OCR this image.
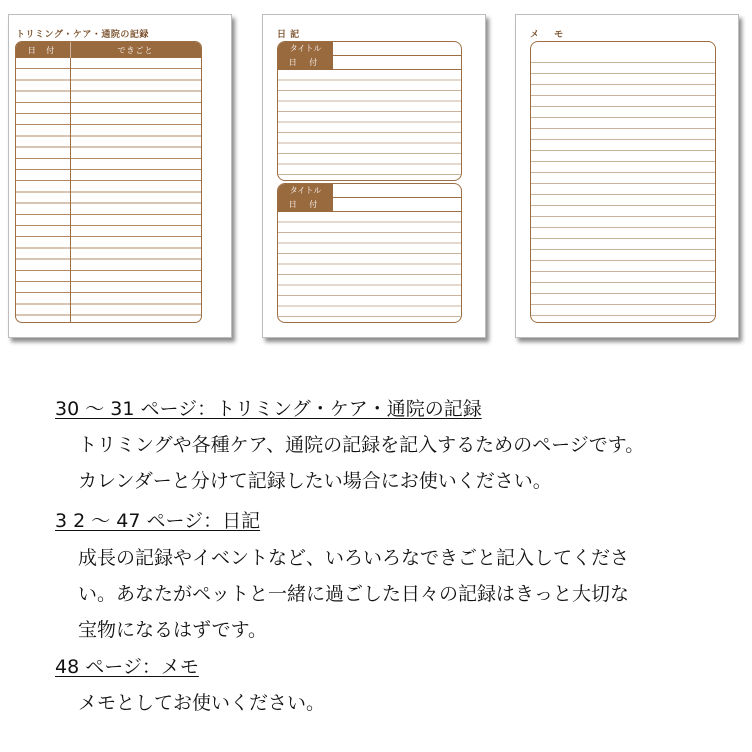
トリミング・ケア・通院の記録
日 付	できごと
日 記
タイトル
日 付
タイトル
日 付
メ モ
30 ～ 31 ページ：トリミング・ケア・通院の記録
トリミングや各種ケア、通院の記録を記入するためのページです。
カレンダーと分けて記録したい場合にお使いください。
3 2 ～ 47 ページ：日記
成長の記録やイベントなど、いろいろなできごと記入してくださ
い。あなたがペットと一緒に過ごした日々の記録はきっと大切な
宝物になるはずです。
48 ページ：メモ
メモとしてお使いください。
